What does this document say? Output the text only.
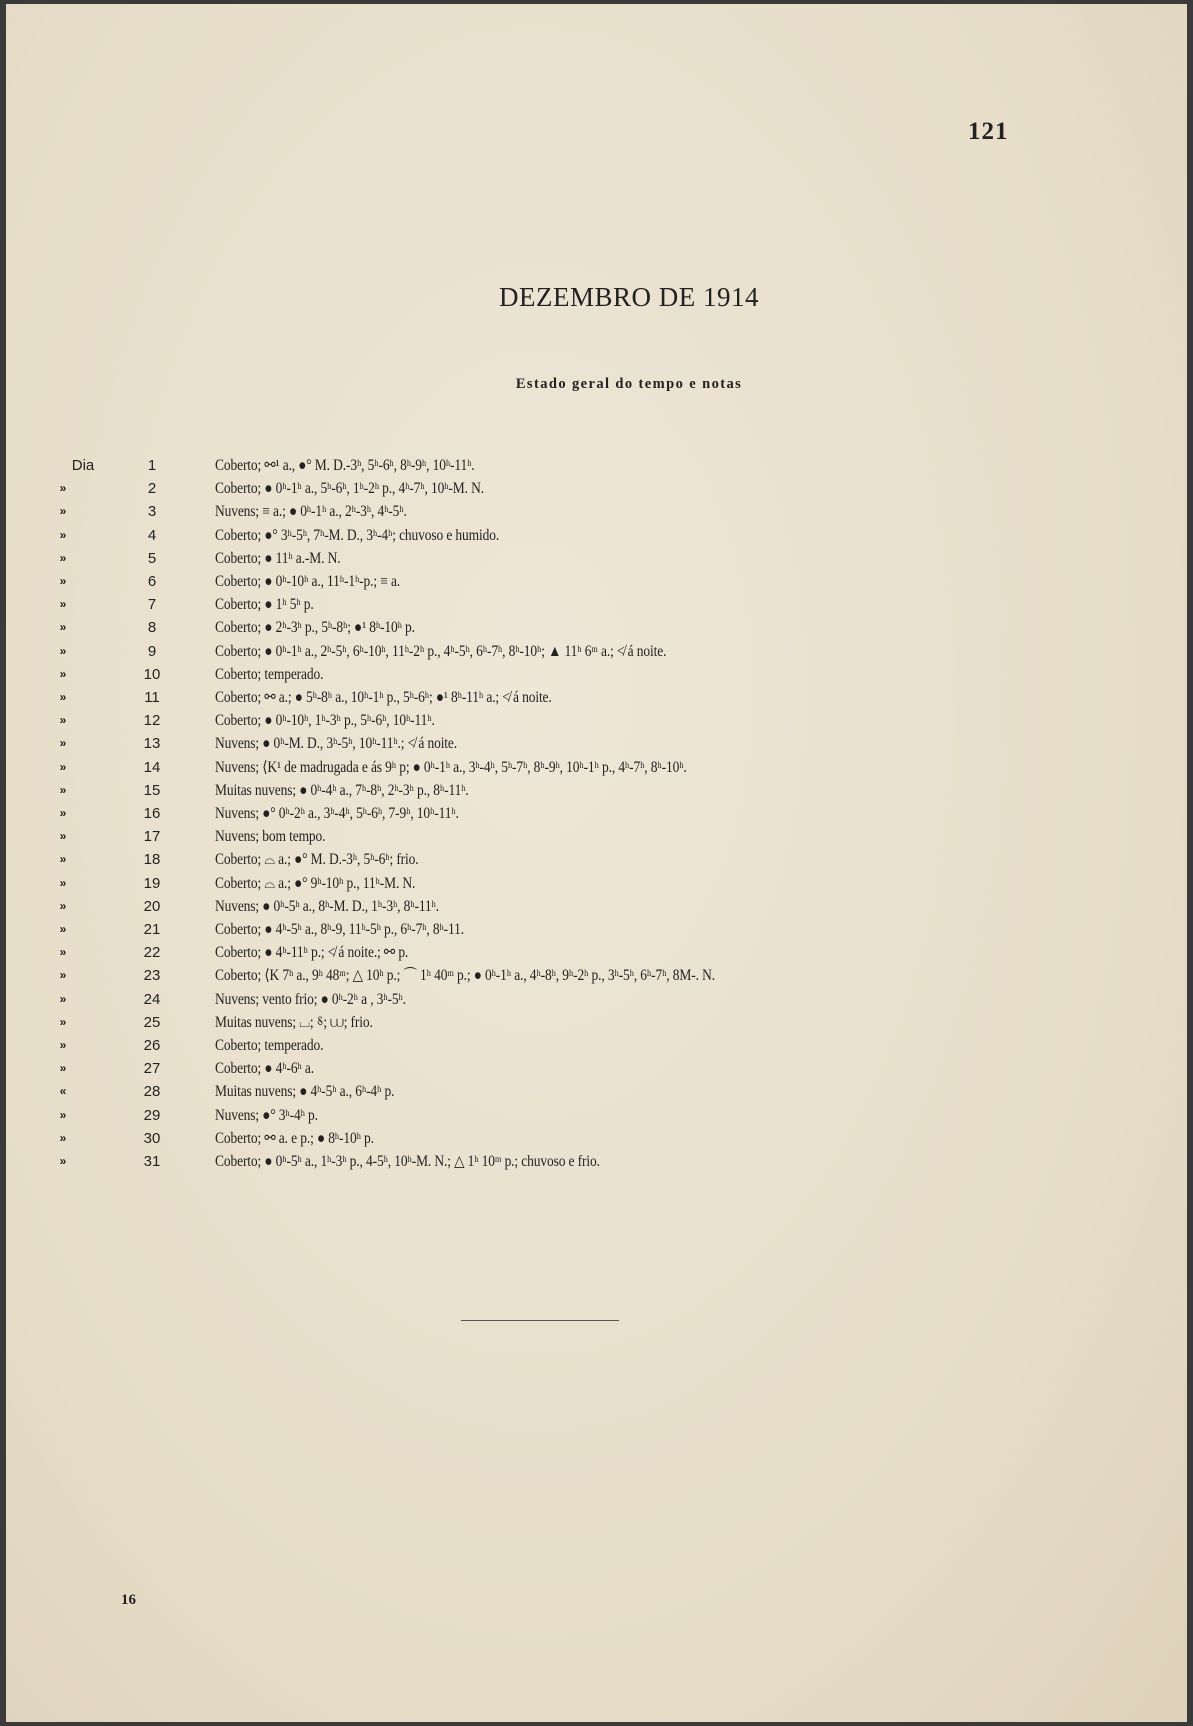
121
DEZEMBRO DE 1914
Estado geral do tempo e notas
Dia	1	Coberto; ⚯¹ a., ●° M. D.-3ʰ, 5ʰ-6ʰ, 8ʰ-9ʰ, 10ʰ-11ʰ.
»	2	Coberto; ● 0ʰ-1ʰ a., 5ʰ-6ʰ, 1ʰ-2ʰ p., 4ʰ-7ʰ, 10ʰ-M. N.
»	3	Nuvens; ≡ a.; ● 0ʰ-1ʰ a., 2ʰ-3ʰ, 4ʰ-5ʰ.
»	4	Coberto; ●° 3ʰ-5ʰ, 7ʰ-M. D., 3ʰ-4ʰ; chuvoso e humido.
»	5	Coberto; ● 11ʰ a.-M. N.
»	6	Coberto; ● 0ʰ-10ʰ a., 11ʰ-1ʰ-p.; ≡ a.
»	7	Coberto; ● 1ʰ 5ʰ p.
»	8	Coberto; ● 2ʰ-3ʰ p., 5ʰ-8ʰ; ●¹ 8ʰ-10ʰ p.
»	9	Coberto; ● 0ʰ-1ʰ a., 2ʰ-5ʰ, 6ʰ-10ʰ, 11ʰ-2ʰ p., 4ʰ-5ʰ, 6ʰ-7ʰ, 8ʰ-10ʰ; ▲ 11ʰ 6ᵐ a.; ≮ á noite.
»	10	Coberto; temperado.
»	11	Coberto; ⚯ a.; ● 5ʰ-8ʰ a., 10ʰ-1ʰ p., 5ʰ-6ʰ; ●¹ 8ʰ-11ʰ a.; ≮ á noite.
»	12	Coberto; ● 0ʰ-10ʰ, 1ʰ-3ʰ p., 5ʰ-6ʰ, 10ʰ-11ʰ.
»	13	Nuvens; ● 0ʰ-M. D., 3ʰ-5ʰ, 10ʰ-11ʰ.; ≮ á noite.
»	14	Nuvens; ⟨K¹ de madrugada e ás 9ʰ p; ● 0ʰ-1ʰ a., 3ʰ-4ʰ, 5ʰ-7ʰ, 8ʰ-9ʰ, 10ʰ-1ʰ p., 4ʰ-7ʰ, 8ʰ-10ʰ.
»	15	Muitas nuvens; ● 0ʰ-4ʰ a., 7ʰ-8ʰ, 2ʰ-3ʰ p., 8ʰ-11ʰ.
»	16	Nuvens; ●° 0ʰ-2ʰ a., 3ʰ-4ʰ, 5ʰ-6ʰ, 7-9ʰ, 10ʰ-11ʰ.
»	17	Nuvens; bom tempo.
»	18	Coberto; ⌓ a.; ●° M. D.-3ʰ, 5ʰ-6ʰ; frio.
»	19	Coberto; ⌓ a.; ●° 9ʰ-10ʰ p., 11ʰ-M. N.
»	20	Nuvens; ● 0ʰ-5ʰ a., 8ʰ-M. D., 1ʰ-3ʰ, 8ʰ-11ʰ.
»	21	Coberto; ● 4ʰ-5ʰ a., 8ʰ-9, 11ʰ-5ʰ p., 6ʰ-7ʰ, 8ʰ-11.
»	22	Coberto; ● 4ʰ-11ʰ p.; ≮ á noite.; ⚯ p.
»	23	Coberto; ⟨K 7ʰ a., 9ʰ 48ᵐ; △ 10ʰ p.; ⌒ 1ʰ 40ᵐ p.; ● 0ʰ-1ʰ a., 4ʰ-8ʰ, 9ʰ-2ʰ p., 3ʰ-5ʰ, 6ʰ-7ʰ, 8M-. N.
»	24	Nuvens; vento frio; ● 0ʰ-2ʰ a , 3ʰ-5ʰ.
»	25	Muitas nuvens; ⌴; ⸹; ⩊; frio.
»	26	Coberto; temperado.
»	27	Coberto; ● 4ʰ-6ʰ a.
«	28	Muitas nuvens; ● 4ʰ-5ʰ a., 6ʰ-4ʰ p.
»	29	Nuvens; ●° 3ʰ-4ʰ p.
»	30	Coberto; ⚯ a. e p.; ● 8ʰ-10ʰ p.
»	31	Coberto; ● 0ʰ-5ʰ a., 1ʰ-3ʰ p., 4-5ʰ, 10ʰ-M. N.; △ 1ʰ 10ᵐ p.; chuvoso e frio.
16
